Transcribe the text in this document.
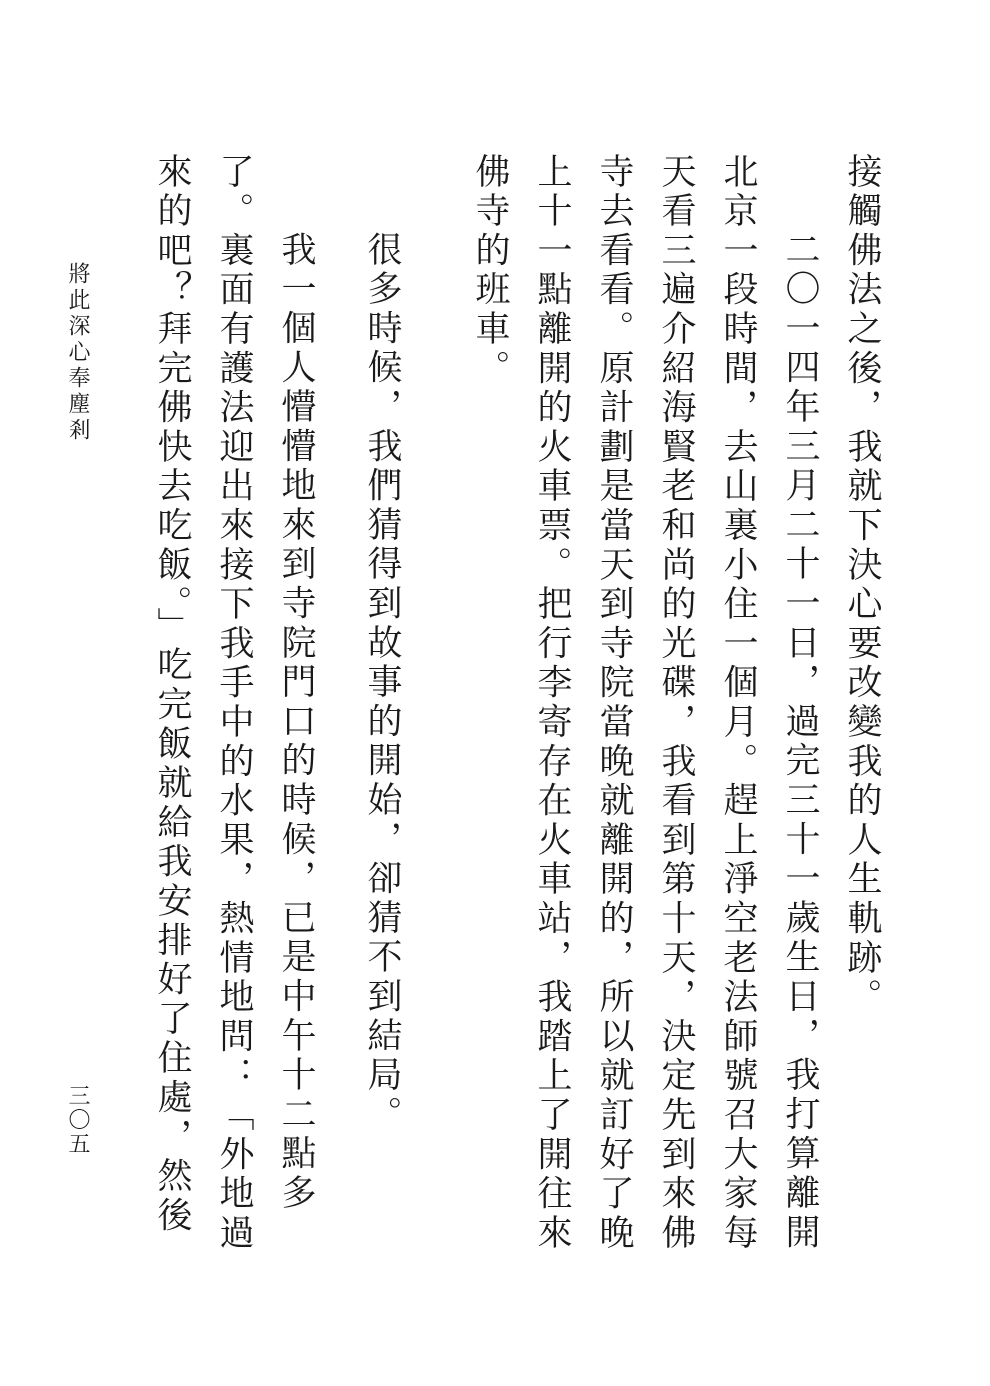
接觸佛法之後，我就下決心要改變我的人生軌跡。

二〇一四年三月二十一日，過完三十一歲生日，我打算離開

北京一段時間，去山裏小住一個月。趕上淨空老法師號召大家每

天看三遍介紹海賢老和尚的光碟，我看到第十天，決定先到來佛

寺去看看。原計劃是當天到寺院當晚就離開的，所以就訂好了晚

上十一點離開的火車票。把行李寄存在火車站，我踏上了開往來

佛寺的班車。

很多時候，我們猜得到故事的開始，卻猜不到結局。

我一個人懵懵地來到寺院門口的時候，已是中午十二點多

了。裏面有護法迎出來接下我手中的水果，熱情地問：「外地過

來的吧？拜完佛快去吃飯。」吃完飯就給我安排好了住處，然後

將此深心奉塵剎
三〇五
